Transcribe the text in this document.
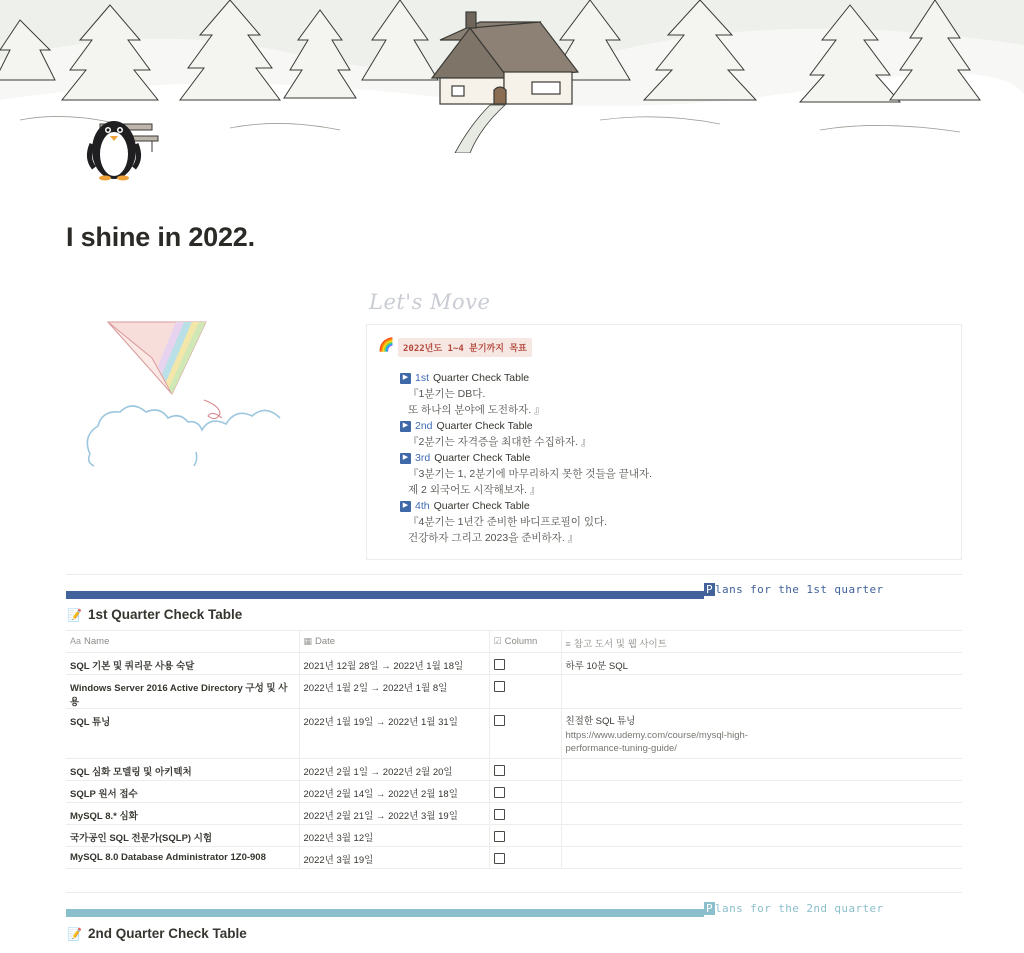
I shine in 2022.
Let's Move
🌈 2022년도 1~4 분기까지 목표
▶ 1st Quarter Check Table
『1분기는 DB다.
또 하나의 분야에 도전하자. 』
▶ 2nd Quarter Check Table
『2분기는 자격증을 최대한 수집하자. 』
▶ 3rd Quarter Check Table
『3분기는 1, 2분기에 마무리하지 못한 것들을 끝내자.
제 2 외국어도 시작해보자. 』
▶ 4th Quarter Check Table
『4분기는 1년간 준비한 바디프로필이 있다.
건강하자 그리고 2023을 준비하자. 』
P lans for the 1st quarter
📝 1st Quarter Check Table
Aa Name	▦ Date	☑ Column	≡ 참고 도서 및 웹 사이트
SQL 기본 및 쿼리문 사용 숙달	2021년 12월 28일 → 2022년 1월 18일		하루 10분 SQL
Windows Server 2016 Active Directory 구성 및 사용	2022년 1월 2일 → 2022년 1월 8일		
SQL 튜닝	2022년 1월 19일 → 2022년 1월 31일		친절한 SQL 튜닝
https://www.udemy.com/course/mysql-high-performance-tuning-guide/

SQL 심화 모델링 및 아키텍처	2022년 2월 1일 → 2022년 2월 20일		
SQLP 원서 접수	2022년 2월 14일 → 2022년 2월 18일		
MySQL 8.* 심화	2022년 2월 21일 → 2022년 3월 19일		
국가공인 SQL 전문가(SQLP) 시험	2022년 3월 12일		
MySQL 8.0 Database Administrator 1Z0-908	2022년 3월 19일		
P lans for the 2nd quarter
📝 2nd Quarter Check Table
